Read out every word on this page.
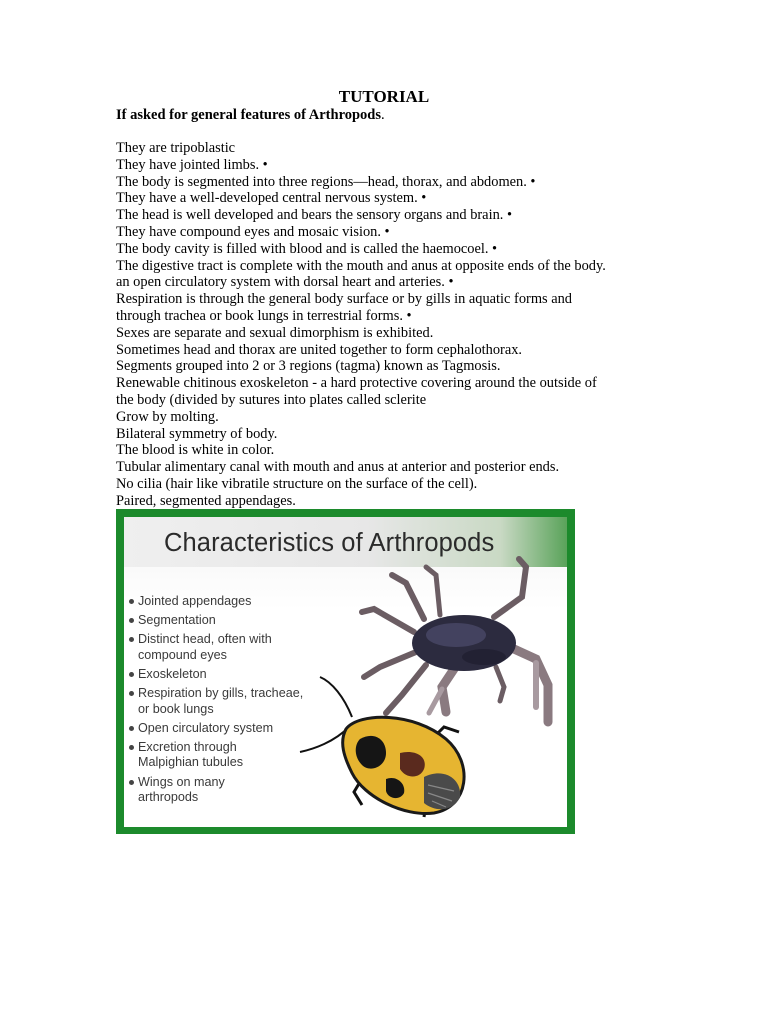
TUTORIAL
If asked for general features of Arthropods.
They are tripoblastic
They have jointed limbs. •
The body is segmented into three regions—head, thorax, and abdomen. •
They have a well-developed central nervous system. •
The head is well developed and bears the sensory organs and brain. •
They have compound eyes and mosaic vision. •
The body cavity is filled with blood and is called the haemocoel. •
The digestive tract is complete with the mouth and anus at opposite ends of the body.
an open circulatory system with dorsal heart and arteries. •
Respiration is through the general body surface or by gills in aquatic forms and
through trachea or book lungs in terrestrial forms. •
Sexes are separate and sexual dimorphism is exhibited.
Sometimes head and thorax are united together to form cephalothorax.
Segments grouped into 2 or 3 regions (tagma) known as Tagmosis.
Renewable chitinous exoskeleton - a hard protective covering around the outside of
the body (divided by sutures into plates called sclerite
Grow by molting.
Bilateral symmetry of body.
The blood is white in color.
Tubular alimentary canal with mouth and anus at anterior and posterior ends.
No cilia (hair like vibratile structure on the surface of the cell).
Paired, segmented appendages.
Characteristics of Arthropods
Jointed appendages
Segmentation
Distinct head, often with
compound eyes
Exoskeleton
Respiration by gills, tracheae,
or book lungs
Open circulatory system
Excretion through
Malpighian tubules
Wings on many
arthropods
